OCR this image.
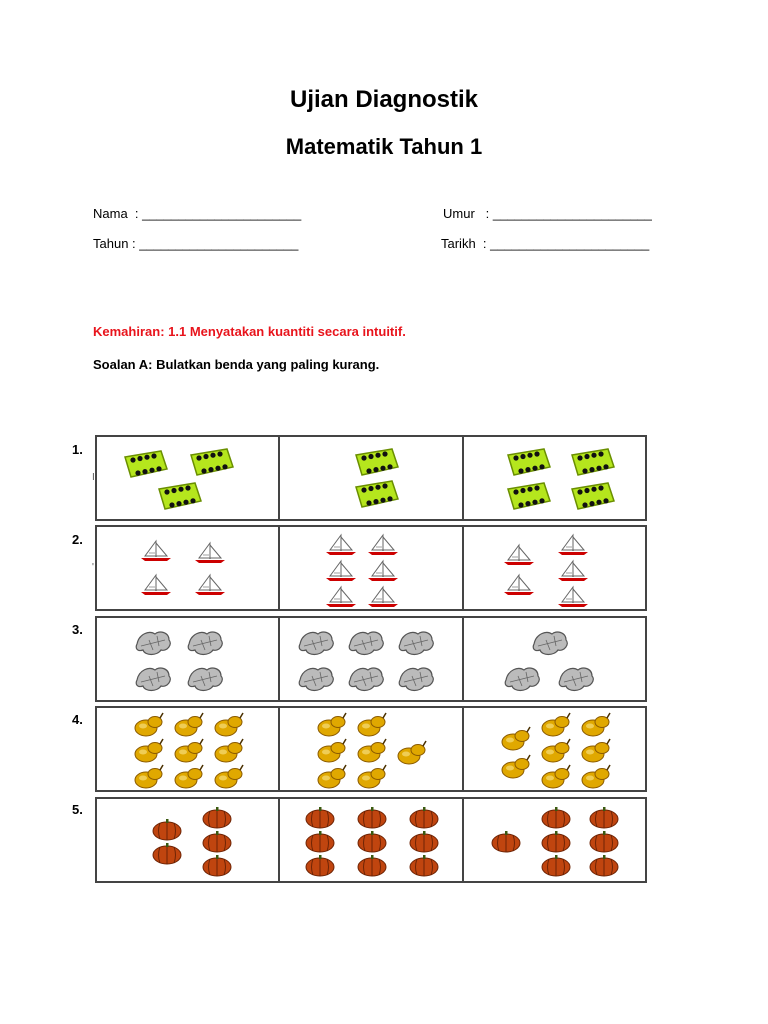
Ujian Diagnostik
Matematik Tahun 1
Nama  : ______________________	Umur   : ______________________
Tahun : ______________________	Tarikh  : ______________________
Kemahiran: 1.1 Menyatakan kuantiti secara intuitif.
Soalan A: Bulatkan benda yang paling kurang.
1.
2.
3.
4.
5.
I
'
